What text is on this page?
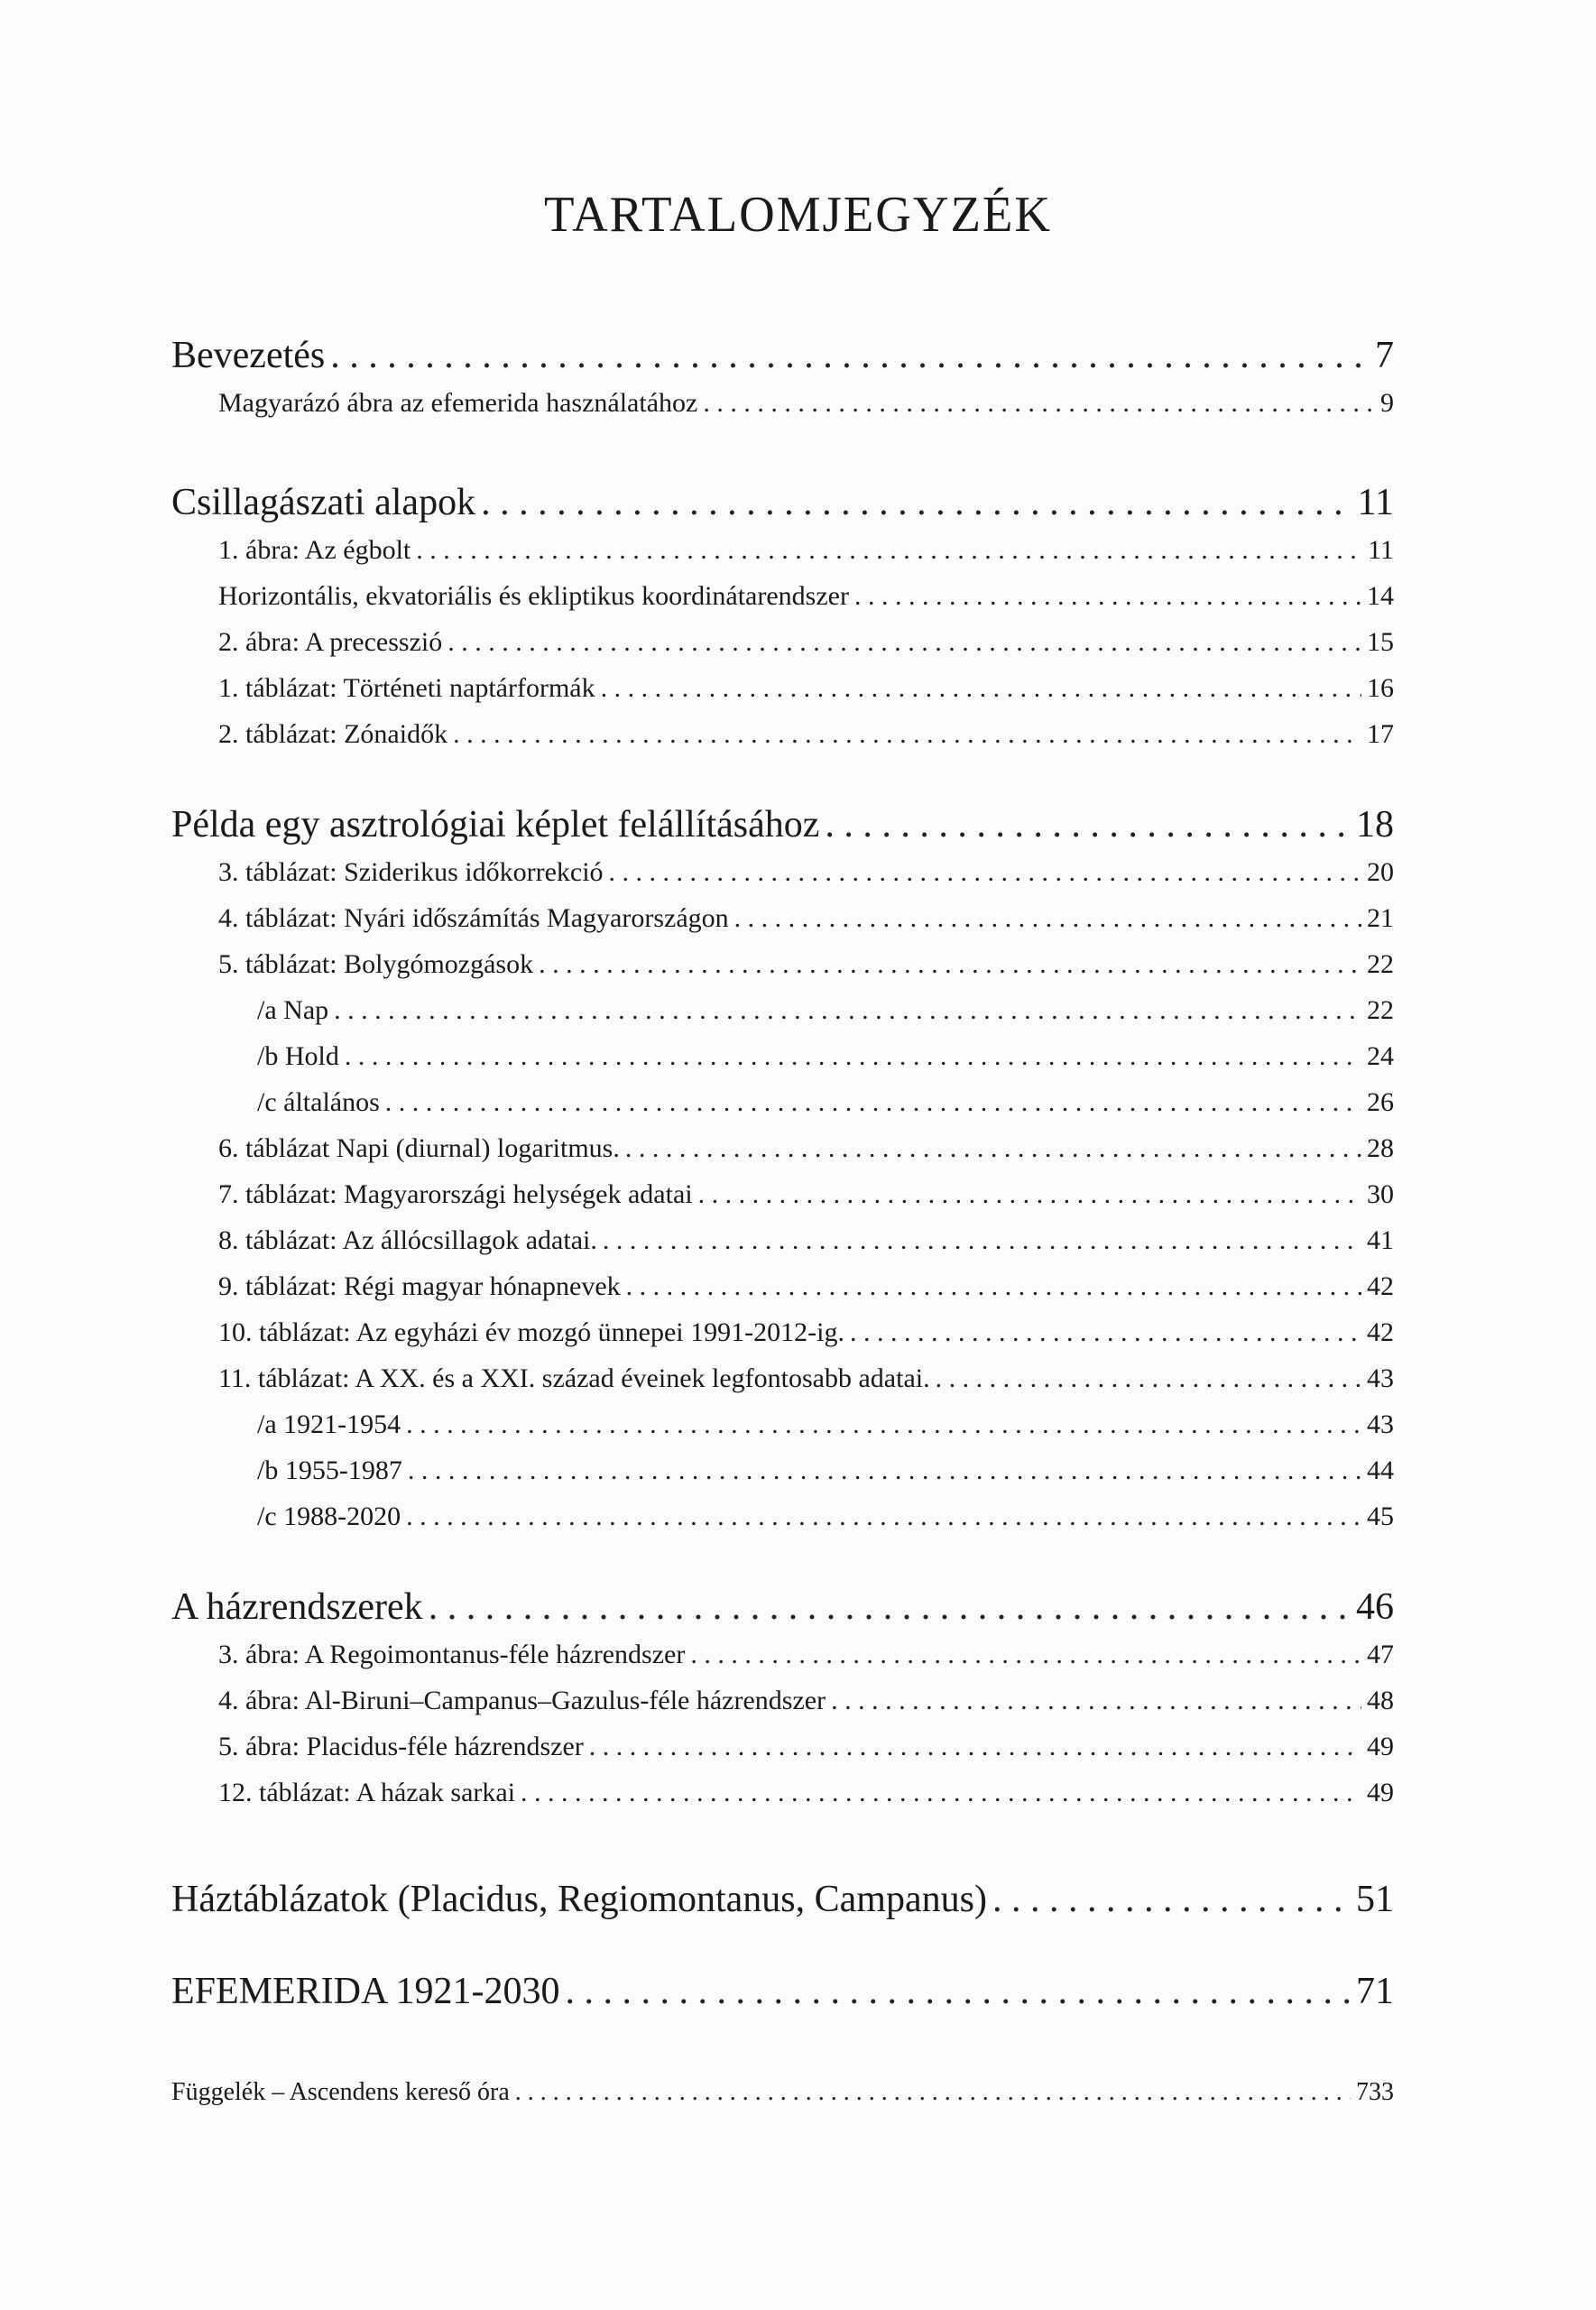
TARTALOMJEGYZÉK
Bevezetés . . .	7
Magyarázó ábra az efemerida használatához . . .	9
Csillagászati alapok . . .	11
1. ábra: Az égbolt . . .	11
Horizontális, ekvatoriális és ekliptikus koordinátarendszer . . .	14
2. ábra: A precesszió . . .	15
1. táblázat: Történeti naptárformák . . .	16
2. táblázat: Zónaidők . . .	17
Példa egy asztrológiai képlet felállításához . . .	18
3. táblázat: Sziderikus időkorrekció . . .	20
4. táblázat: Nyári időszámítás Magyarországon . . .	21
5. táblázat: Bolygómozgások . . .	22
/a Nap . . .	22
/b Hold . . .	24
/c általános . . .	26
6. táblázat Napi (diurnal) logaritmus. . . .	28
7. táblázat: Magyarországi helységek adatai . . .	30
8. táblázat: Az állócsillagok adatai. . . .	41
9. táblázat: Régi magyar hónapnevek . . .	42
10. táblázat: Az egyházi év mozgó ünnepei 1991-2012-ig. . . .	42
11. táblázat: A XX. és a XXI. század éveinek legfontosabb adatai. . . .	43
/a 1921-1954 . . .	43
/b 1955-1987 . . .	44
/c 1988-2020 . . .	45
A házrendszerek . . .	46
3. ábra: A Regoimontanus-féle házrendszer . . .	47
4. ábra: Al-Biruni–Campanus–Gazulus-féle házrendszer . . .	48
5. ábra: Placidus-féle házrendszer . . .	49
12. táblázat: A házak sarkai . . .	49
Háztáblázatok (Placidus, Regiomontanus, Campanus) . . .	51
EFEMERIDA 1921-2030 . . .	71
Függelék – Ascendens kereső óra . . .	733
